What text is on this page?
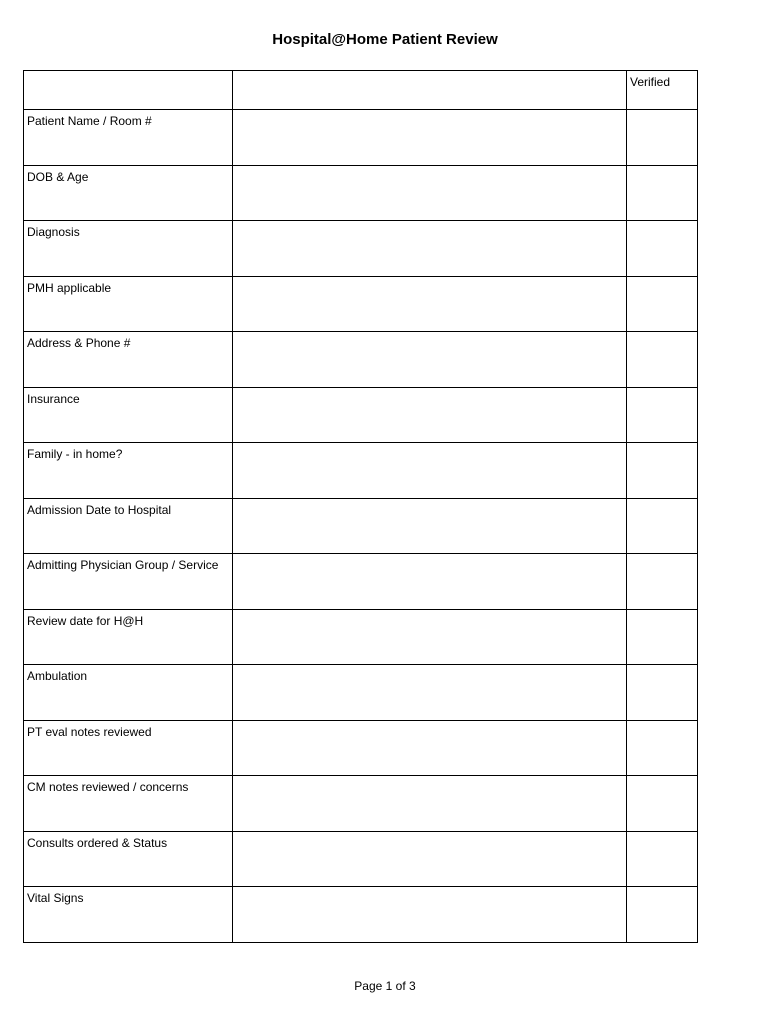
Hospital@Home Patient Review

		Verified

Patient Name / Room #		

DOB & Age		

Diagnosis		

PMH applicable		

Address & Phone #		

Insurance		

Family - in home?		

Admission Date to Hospital		

Admitting Physician Group / Service		

Review date for H@H		

Ambulation		

PT eval notes reviewed		

CM notes reviewed / concerns		

Consults ordered & Status		

Vital Signs		

Page 1 of 3
